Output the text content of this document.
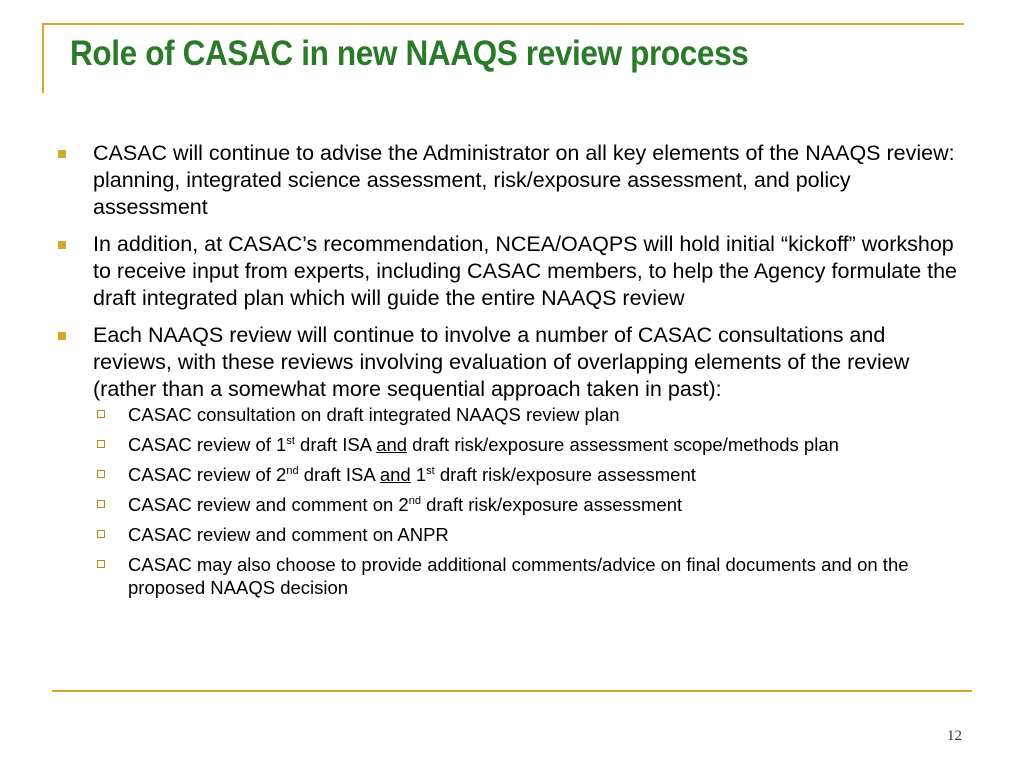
Role of CASAC in new NAAQS review process
CASAC will continue to advise the Administrator on all key elements of the NAAQS review: planning, integrated science assessment, risk/exposure assessment, and policy assessment
In addition, at CASAC’s recommendation, NCEA/OAQPS will hold initial “kickoff” workshop to receive input from experts, including CASAC members, to help the Agency formulate the draft integrated plan which will guide the entire NAAQS review
Each NAAQS review will continue to involve a number of CASAC consultations and reviews, with these reviews involving evaluation of overlapping elements of the review (rather than a somewhat more sequential approach taken in past):
CASAC consultation on draft integrated NAAQS review plan
CASAC review of 1st draft ISA and draft risk/exposure assessment scope/methods plan
CASAC review of 2nd draft ISA and 1st draft risk/exposure assessment
CASAC review and comment on 2nd draft risk/exposure assessment
CASAC review and comment on ANPR
CASAC may also choose to provide additional comments/advice on final documents and on the proposed NAAQS decision
12
